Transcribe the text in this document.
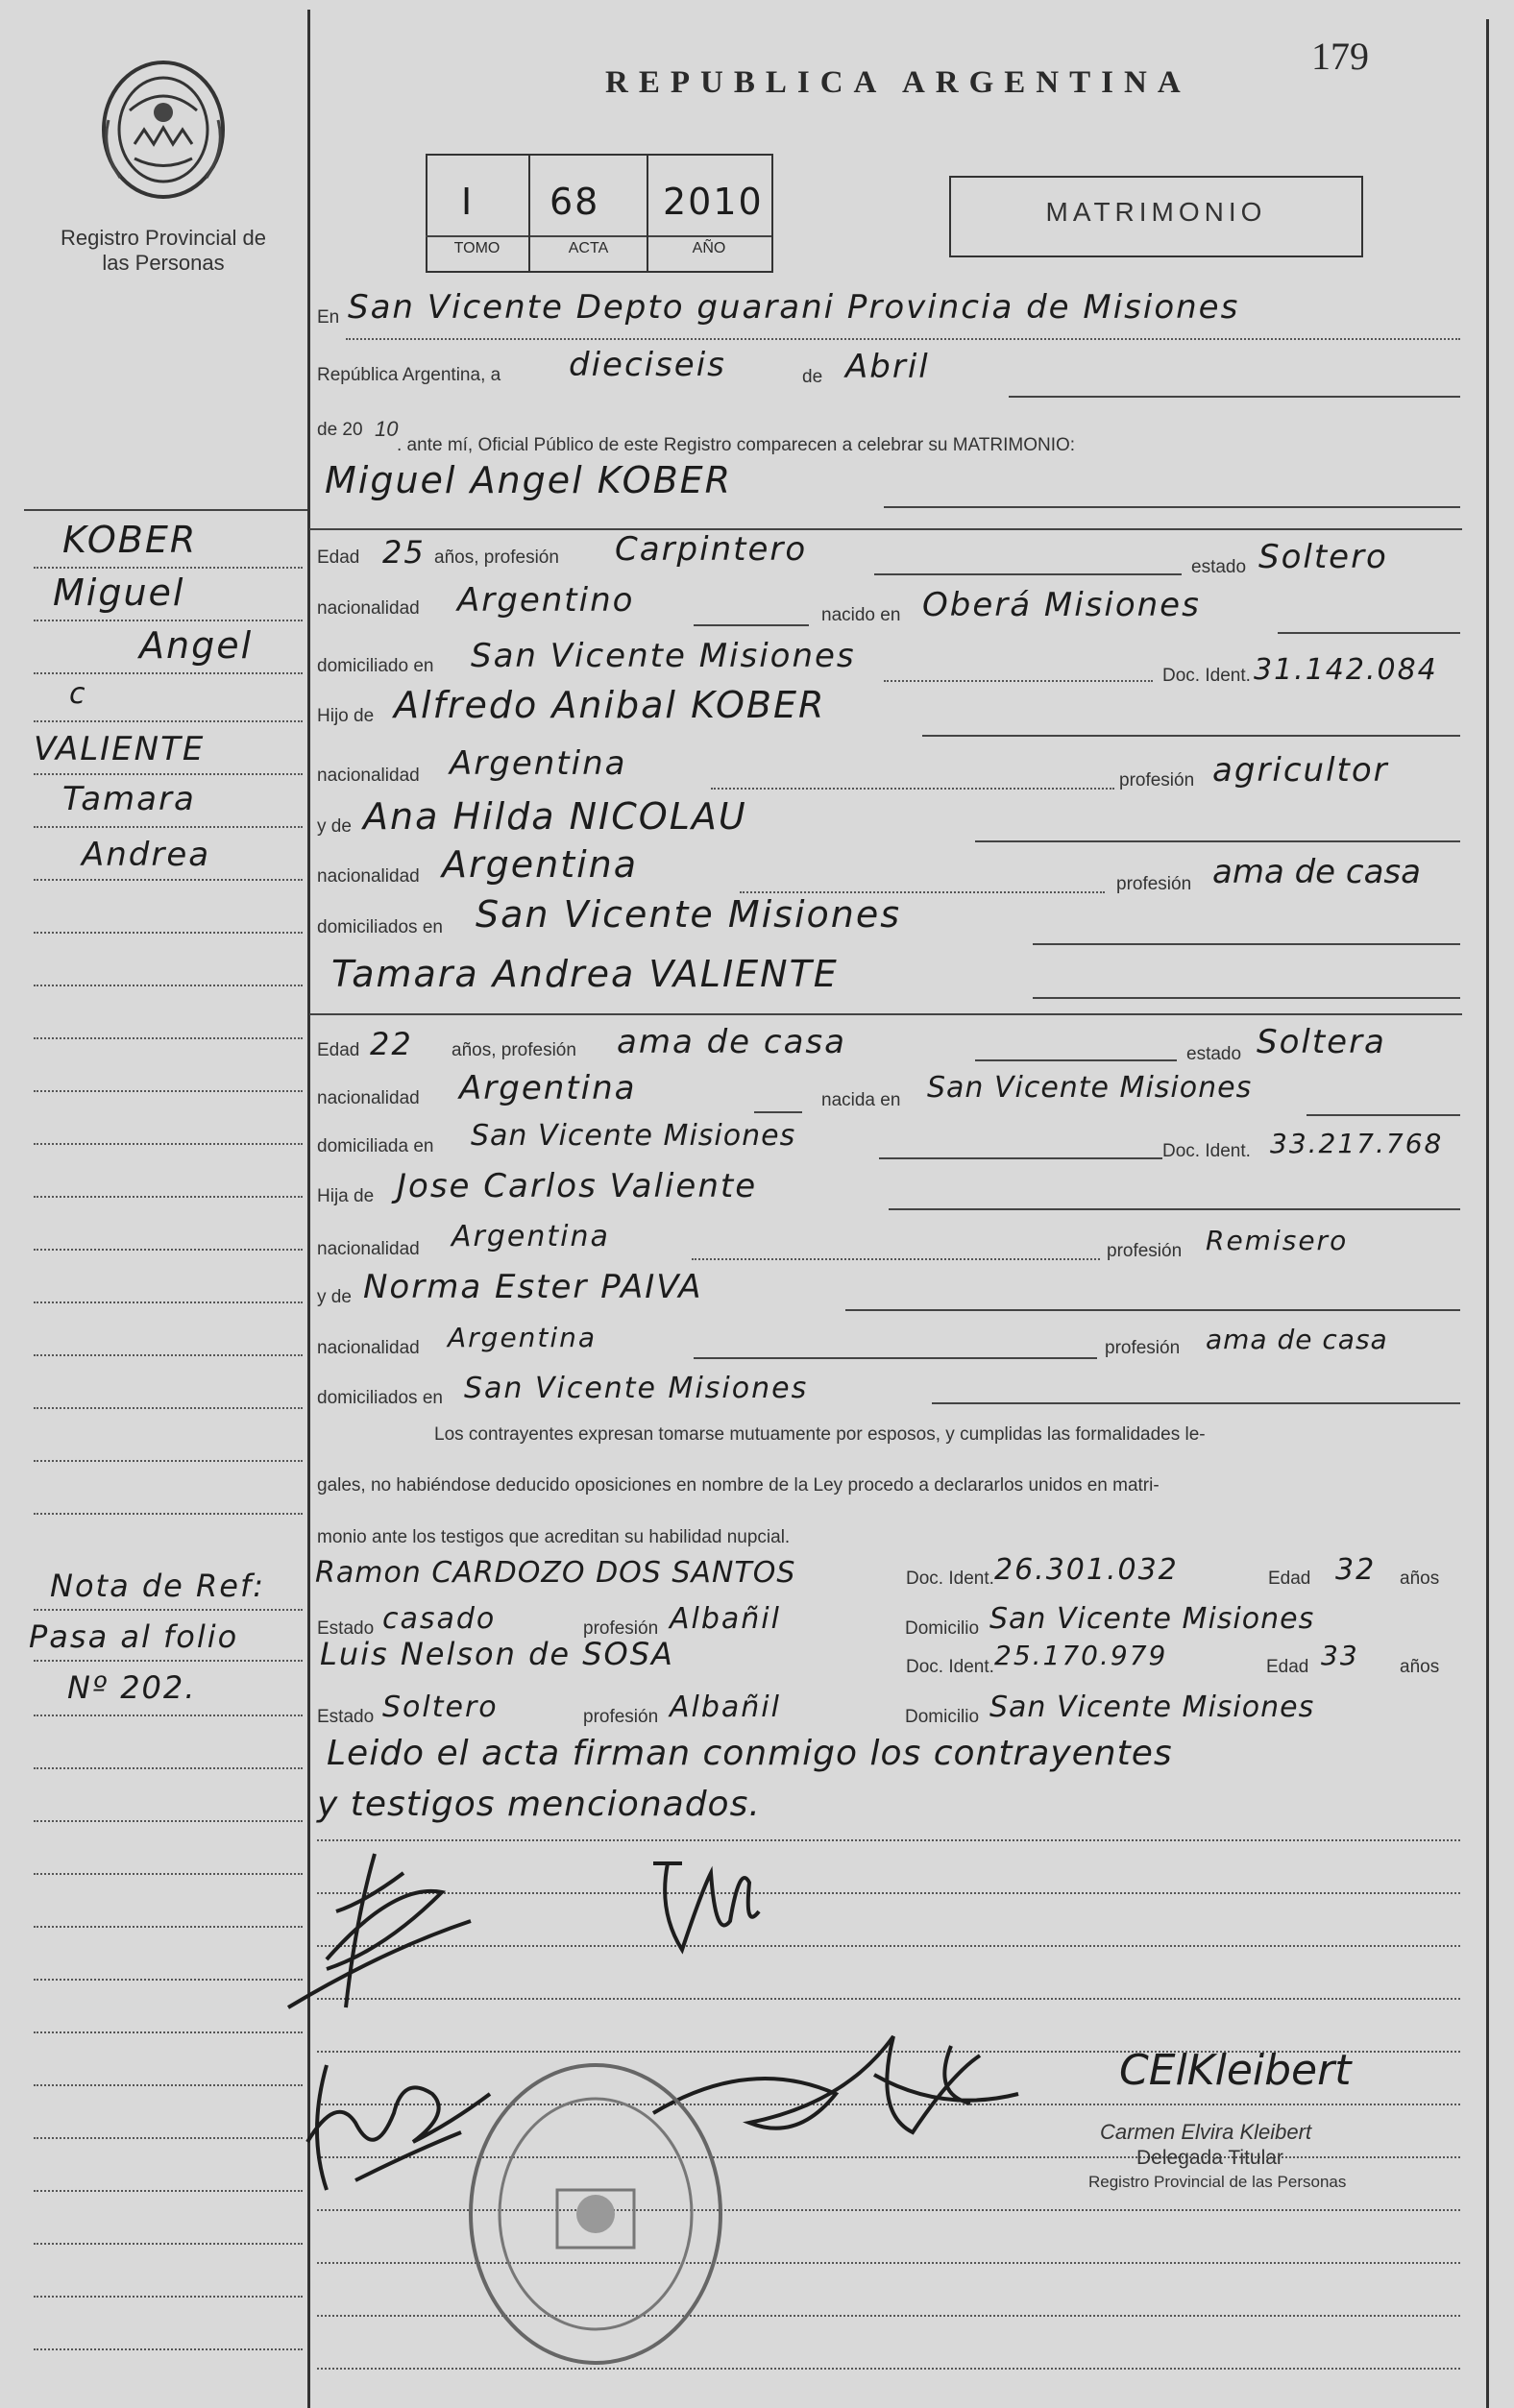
Registro Provincial de las Personas
REPUBLICA ARGENTINA
179
I 68 2010
TOMO	ACTA	AÑO
MATRIMONIO
En San Vicente Depto guarani Provincia de Misiones
República Argentina, a dieciseis	de Abril
de 20 10
. ante mí, Oficial Público de este Registro comparecen a celebrar su MATRIMONIO:
Miguel Angel KOBER
Edad 25 años, profesión Carpintero	estado Soltero
nacionalidad Argentino	nacido en Oberá Misiones
domiciliado en San Vicente Misiones
Doc. Ident. 31.142.084
Hijo de Alfredo Anibal KOBER
nacionalidad Argentina	profesión agricultor
y de Ana Hilda NICOLAU
nacionalidad Argentina	profesión ama de casa
domiciliados en San Vicente Misiones
Tamara Andrea VALIENTE
Edad 22 años, profesión ama de casa	estado Soltera
nacionalidad Argentina	nacida en San Vicente Misiones
domiciliada en San Vicente Misiones	Doc. Ident. 33.217.768
Hija de Jose Carlos Valiente
nacionalidad Argentina	profesión Remisero
y de Norma Ester PAIVA
nacionalidad Argentina	profesión ama de casa
domiciliados en San Vicente Misiones
Los contrayentes expresan tomarse mutuamente por esposos, y cumplidas las formalidades le-
gales, no habiéndose deducido oposiciones en nombre de la Ley procedo a declararlos unidos en matri-
monio ante los testigos que acreditan su habilidad nupcial.
Ramon CARDOZO DOS SANTOS	Doc. Ident. 26.301.032	Edad 32 años
Estado casado	profesión Albañil	Domicilio San Vicente Misiones
Luis Nelson de SOSA	Doc. Ident. 25.170.979	Edad 33 años
Estado Soltero	profesión Albañil	Domicilio San Vicente Misiones
Leido el acta firman conmigo los contrayentes
y testigos mencionados.
CElKleibert
Carmen Elvira Kleibert
Delegada Titular
Registro Provincial de las Personas
KOBER
Miguel
Angel
c
VALIENTE
Tamara
Andrea
Nota de Ref:
Pasa al folio
Nº 202.
